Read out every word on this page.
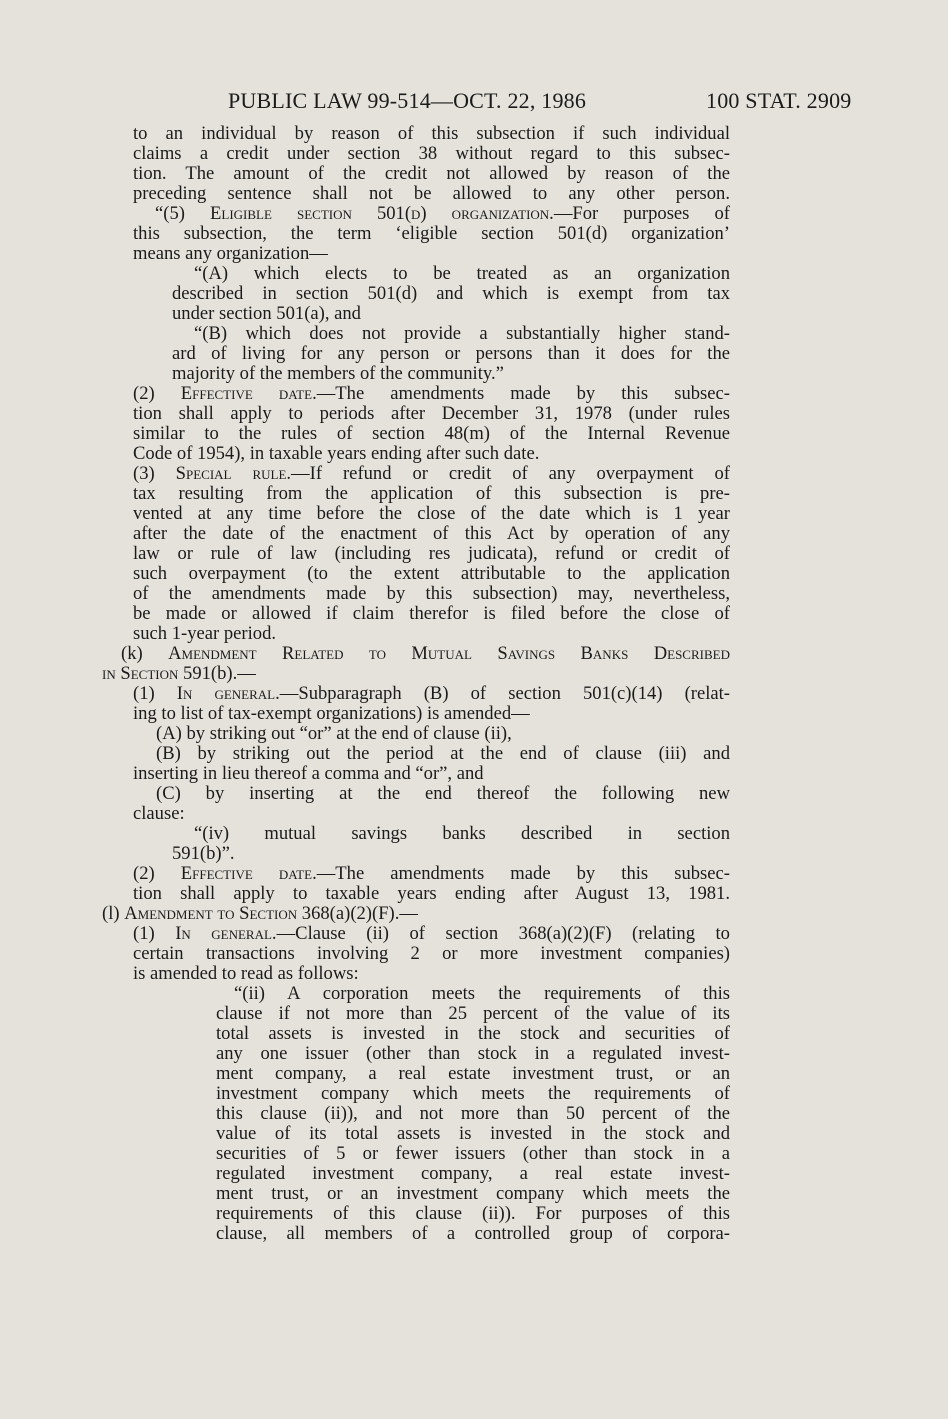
PUBLIC LAW 99-514—OCT. 22, 1986	100 STAT. 2909
to an individual by reason of this subsection if such individual
claims a credit under section 38 without regard to this subsec-
tion. The amount of the credit not allowed by reason of the
preceding sentence shall not be allowed to any other person.
“(5) Eligible section 501(d) organization.—For purposes of
this subsection, the term ‘eligible section 501(d) organization’
means any organization—
“(A) which elects to be treated as an organization
described in section 501(d) and which is exempt from tax
under section 501(a), and
“(B) which does not provide a substantially higher stand-
ard of living for any person or persons than it does for the
majority of the members of the community.”
(2) Effective date.—The amendments made by this subsec-
tion shall apply to periods after December 31, 1978 (under rules
similar to the rules of section 48(m) of the Internal Revenue
Code of 1954), in taxable years ending after such date.
(3) Special rule.—If refund or credit of any overpayment of
tax resulting from the application of this subsection is pre-
vented at any time before the close of the date which is 1 year
after the date of the enactment of this Act by operation of any
law or rule of law (including res judicata), refund or credit of
such overpayment (to the extent attributable to the application
of the amendments made by this subsection) may, nevertheless,
be made or allowed if claim therefor is filed before the close of
such 1-year period.
(k) Amendment Related to Mutual Savings Banks Described
in Section 591(b).—
(1) In general.—Subparagraph (B) of section 501(c)(14) (relat-
ing to list of tax-exempt organizations) is amended—
(A) by striking out “or” at the end of clause (ii),
(B) by striking out the period at the end of clause (iii) and
inserting in lieu thereof a comma and “or”, and
(C) by inserting at the end thereof the following new
clause:
“(iv) mutual savings banks described in section
591(b)”.
(2) Effective date.—The amendments made by this subsec-
tion shall apply to taxable years ending after August 13, 1981.
(l) Amendment to Section 368(a)(2)(F).—
(1) In general.—Clause (ii) of section 368(a)(2)(F) (relating to
certain transactions involving 2 or more investment companies)
is amended to read as follows:
“(ii) A corporation meets the requirements of this
clause if not more than 25 percent of the value of its
total assets is invested in the stock and securities of
any one issuer (other than stock in a regulated invest-
ment company, a real estate investment trust, or an
investment company which meets the requirements of
this clause (ii)), and not more than 50 percent of the
value of its total assets is invested in the stock and
securities of 5 or fewer issuers (other than stock in a
regulated investment company, a real estate invest-
ment trust, or an investment company which meets the
requirements of this clause (ii)). For purposes of this
clause, all members of a controlled group of corpora-
